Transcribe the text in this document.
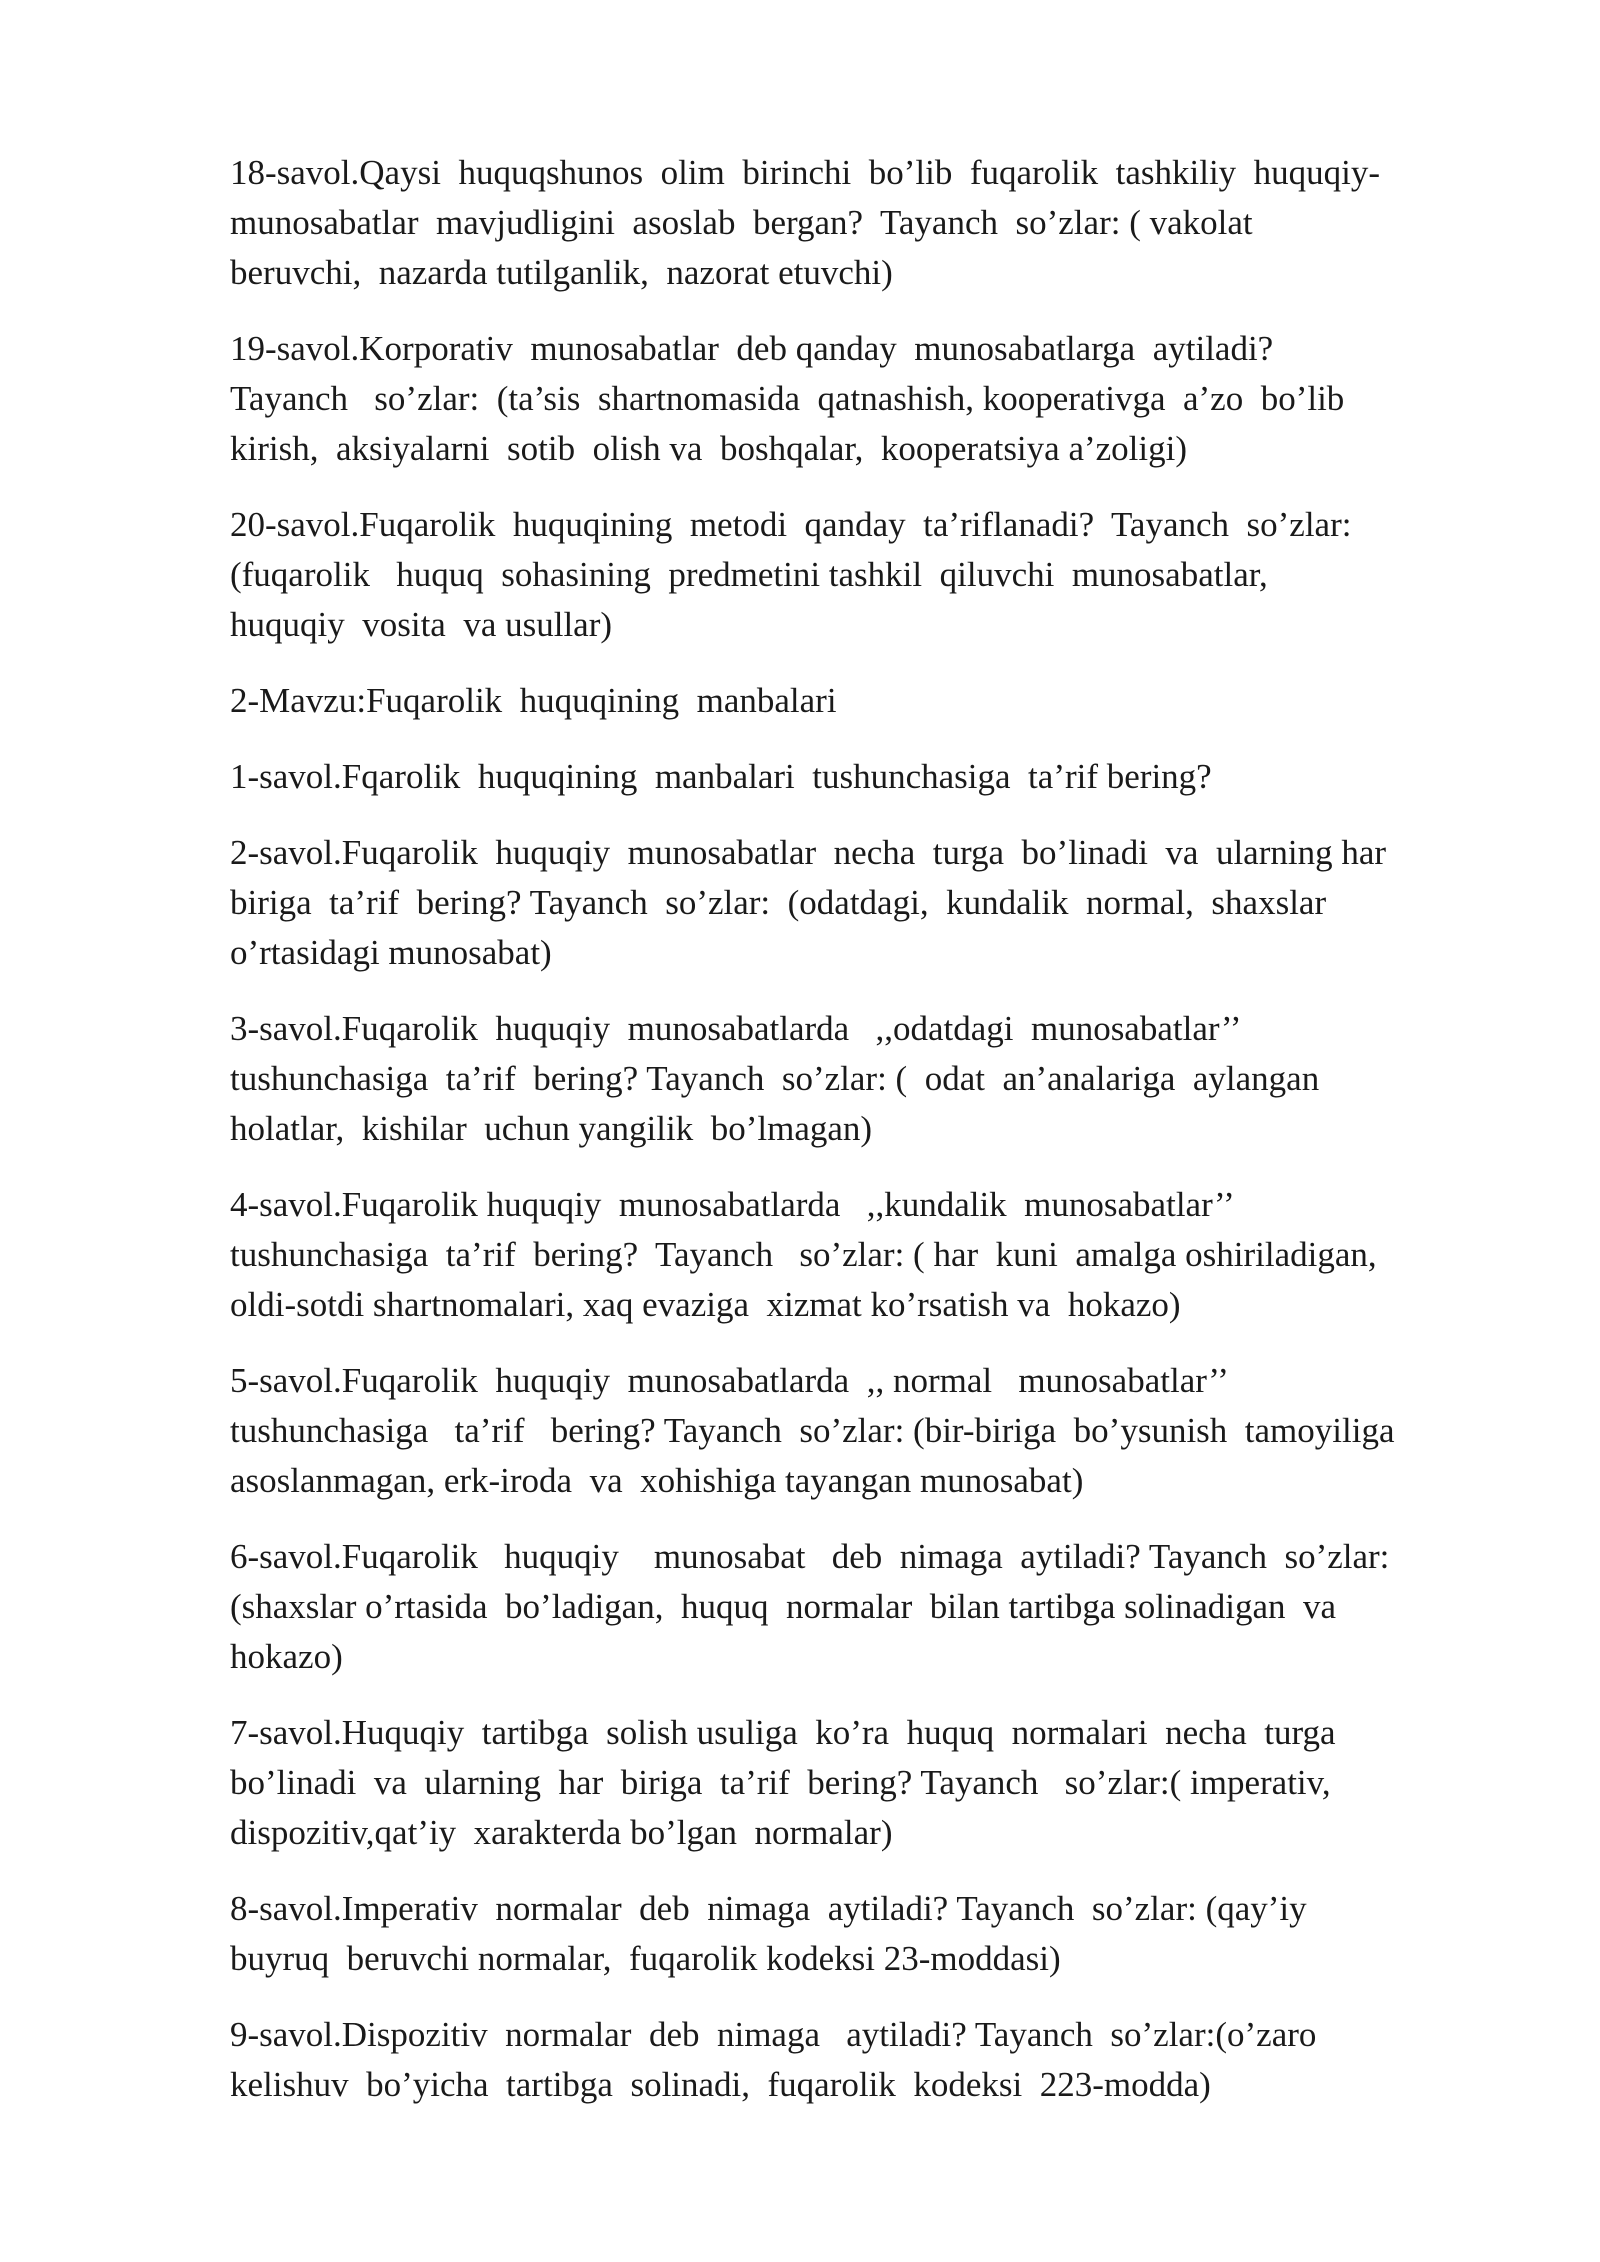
18-savol.Qaysi  huquqshunos  olim  birinchi  bo’lib  fuqarolik  tashkiliy  huquqiy-
munosabatlar  mavjudligini  asoslab  bergan?  Tayanch  so’zlar: ( vakolat
beruvchi,  nazarda tutilganlik,  nazorat etuvchi)
19-savol.Korporativ  munosabatlar  deb qanday  munosabatlarga  aytiladi?
Tayanch   so’zlar:  (ta’sis  shartnomasida  qatnashish, kooperativga  a’zo  bo’lib
kirish,  aksiyalarni  sotib  olish va  boshqalar,  kooperatsiya a’zoligi)
20-savol.Fuqarolik  huquqining  metodi  qanday  ta’riflanadi?  Tayanch  so’zlar:
(fuqarolik   huquq  sohasining  predmetini tashkil  qiluvchi  munosabatlar,
huquqiy  vosita  va usullar)
2-Mavzu:Fuqarolik  huquqining  manbalari
1-savol.Fqarolik  huquqining  manbalari  tushunchasiga  ta’rif bering?
2-savol.Fuqarolik  huquqiy  munosabatlar  necha  turga  bo’linadi  va  ularning har
biriga  ta’rif  bering? Tayanch  so’zlar:  (odatdagi,  kundalik  normal,  shaxslar
o’rtasidagi munosabat)
3-savol.Fuqarolik  huquqiy  munosabatlarda   ,,odatdagi  munosabatlar’’
tushunchasiga  ta’rif  bering? Tayanch  so’zlar: (  odat  an’analariga  aylangan
holatlar,  kishilar  uchun yangilik  bo’lmagan)
4-savol.Fuqarolik huquqiy  munosabatlarda   ,,kundalik  munosabatlar’’
tushunchasiga  ta’rif  bering?  Tayanch   so’zlar: ( har  kuni  amalga oshiriladigan,
oldi-sotdi shartnomalari, xaq evaziga  xizmat ko’rsatish va  hokazo)
5-savol.Fuqarolik  huquqiy  munosabatlarda  ,, normal   munosabatlar’’
tushunchasiga   ta’rif   bering? Tayanch  so’zlar: (bir-biriga  bo’ysunish  tamoyiliga
asoslanmagan, erk-iroda  va  xohishiga tayangan munosabat)
6-savol.Fuqarolik   huquqiy    munosabat   deb  nimaga  aytiladi? Tayanch  so’zlar:
(shaxslar o’rtasida  bo’ladigan,  huquq  normalar  bilan tartibga solinadigan  va
hokazo)
7-savol.Huquqiy  tartibga  solish usuliga  ko’ra  huquq  normalari  necha  turga
bo’linadi  va  ularning  har  biriga  ta’rif  bering? Tayanch   so’zlar:( imperativ,
dispozitiv,qat’iy  xarakterda bo’lgan  normalar)
8-savol.Imperativ  normalar  deb  nimaga  aytiladi? Tayanch  so’zlar: (qay’iy
buyruq  beruvchi normalar,  fuqarolik kodeksi 23-moddasi)
9-savol.Dispozitiv  normalar  deb  nimaga   aytiladi? Tayanch  so’zlar:(o’zaro
kelishuv  bo’yicha  tartibga  solinadi,  fuqarolik  kodeksi  223-modda)
